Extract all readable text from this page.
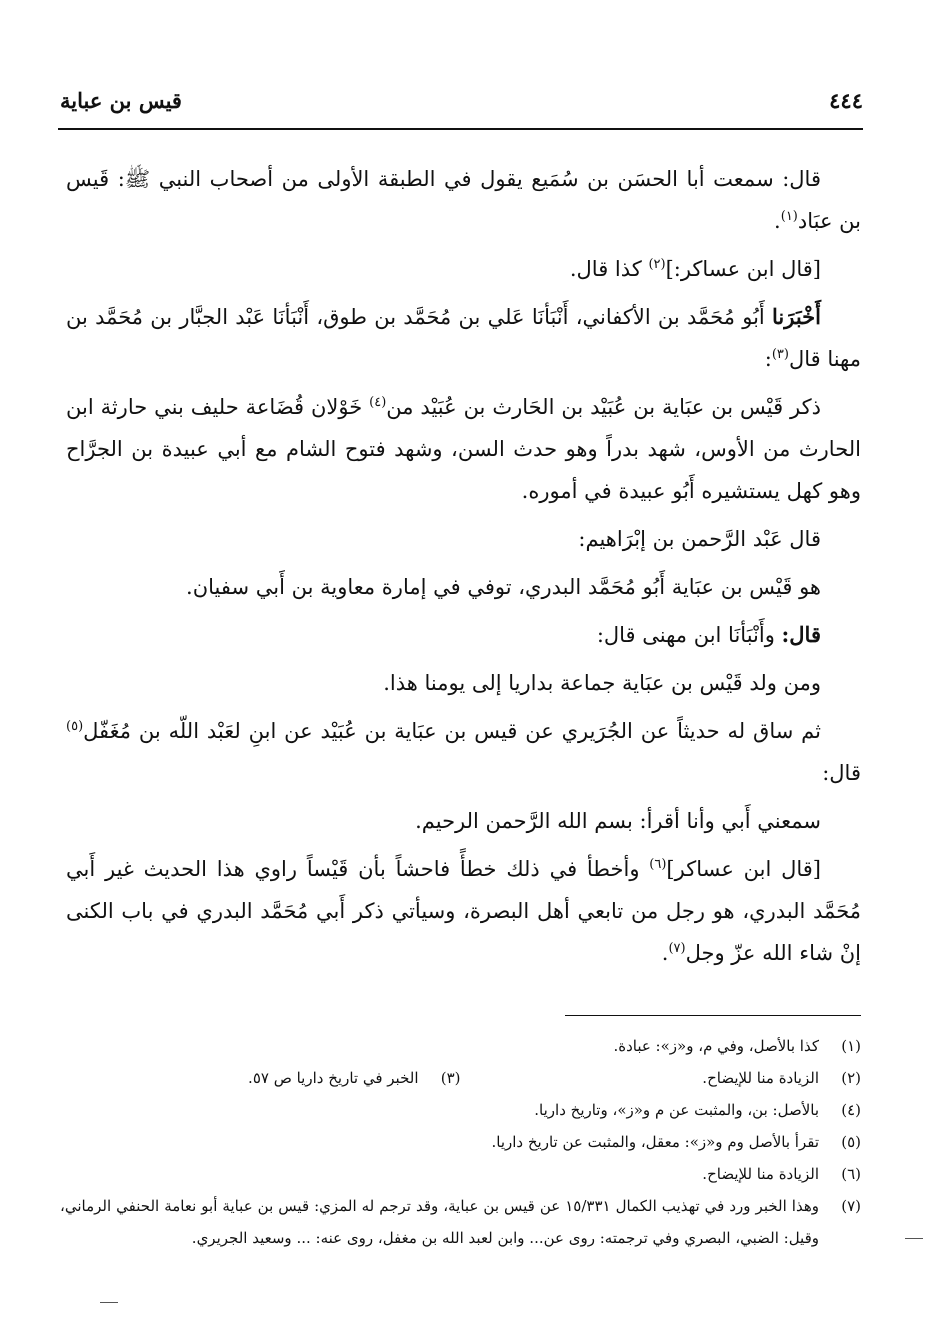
٤٤٤
قيس بن عباية

قال: سمعت أبا الحسَن بن سُمَيع يقول في الطبقة الأولى من أصحاب النبي ﷺ: قَيس بن عبَاد$^{(١)}$.

[قال ابن عساكر:]$^{(٢)}$ كذا قال.

أَخْبَرَنا أَبُو مُحَمَّد بن الأكفاني، أَنْبَأنَا عَلي بن مُحَمَّد بن طوق، أَنْبَأنَا عَبْد الجبَّار بن مُحَمَّد بن مهنا قال$^{(٣)}$:

ذكر قَيْس بن عبَاية بن عُبَيْد بن الحَارث بن عُبَيْد من$^{(٤)}$ خَوْلان قُضَاعة حليف بني حارثة ابن الحارث من الأوس، شهد بدراً وهو حدث السن، وشهد فتوح الشام مع أبي عبيدة بن الجرَّاح وهو كهل يستشيره أَبُو عبيدة في أموره.

قال عَبْد الرَّحمن بن إبْرَاهيم:

هو قَيْس بن عبَاية أَبُو مُحَمَّد البدري، توفي في إمارة معاوية بن أَبي سفيان.

قال: وأَنْبَأنَا ابن مهنى قال:

ومن ولد قَيْس بن عبَاية جماعة بداريا إلى يومنا هذا.

ثم ساق له حديثاً عن الجُرَيري عن قيس بن عبَاية بن عُبَيْد عن ابنِ لعَبْد اللّه بن مُغَفّل$^{(٥)}$ قال:

سمعني أَبي وأنا أقرأ: بسم الله الرَّحمن الرحيم.

[قال ابن عساكر]$^{(٦)}$ وأخطأ في ذلك خطأً فاحشاً بأن قَيْساً راوي هذا الحديث غير أَبي مُحَمَّد البدري، هو رجل من تابعي أهل البصرة، وسيأتي ذكر أَبي مُحَمَّد البدري في باب الكنى إنْ شاء الله عزّ وجل$^{(٧)}$.

(١)
كذا بالأصل، وفي م، و«ز»: عبادة.
(٢)
الزيادة منا للإيضاح.
(٣)
الخبر في تاريخ داريا ص ٥٧.
(٤)
بالأصل: بن، والمثبت عن م و«ز»، وتاريخ داريا.
(٥)
تقرأ بالأصل وم و«ز»: معقل، والمثبت عن تاريخ داريا.
(٦)
الزيادة منا للإيضاح.
(٧)
وهذا الخبر ورد في تهذيب الكمال ١٥/٣٣١ عن قيس بن عباية، وقد ترجم له المزي: قيس بن عباية أبو نعامة الحنفي الرماني، وقيل: الضبي، البصري وفي ترجمته: روى عن... وابن لعبد الله بن مغفل، روى عنه: ... وسعيد الجريري.
